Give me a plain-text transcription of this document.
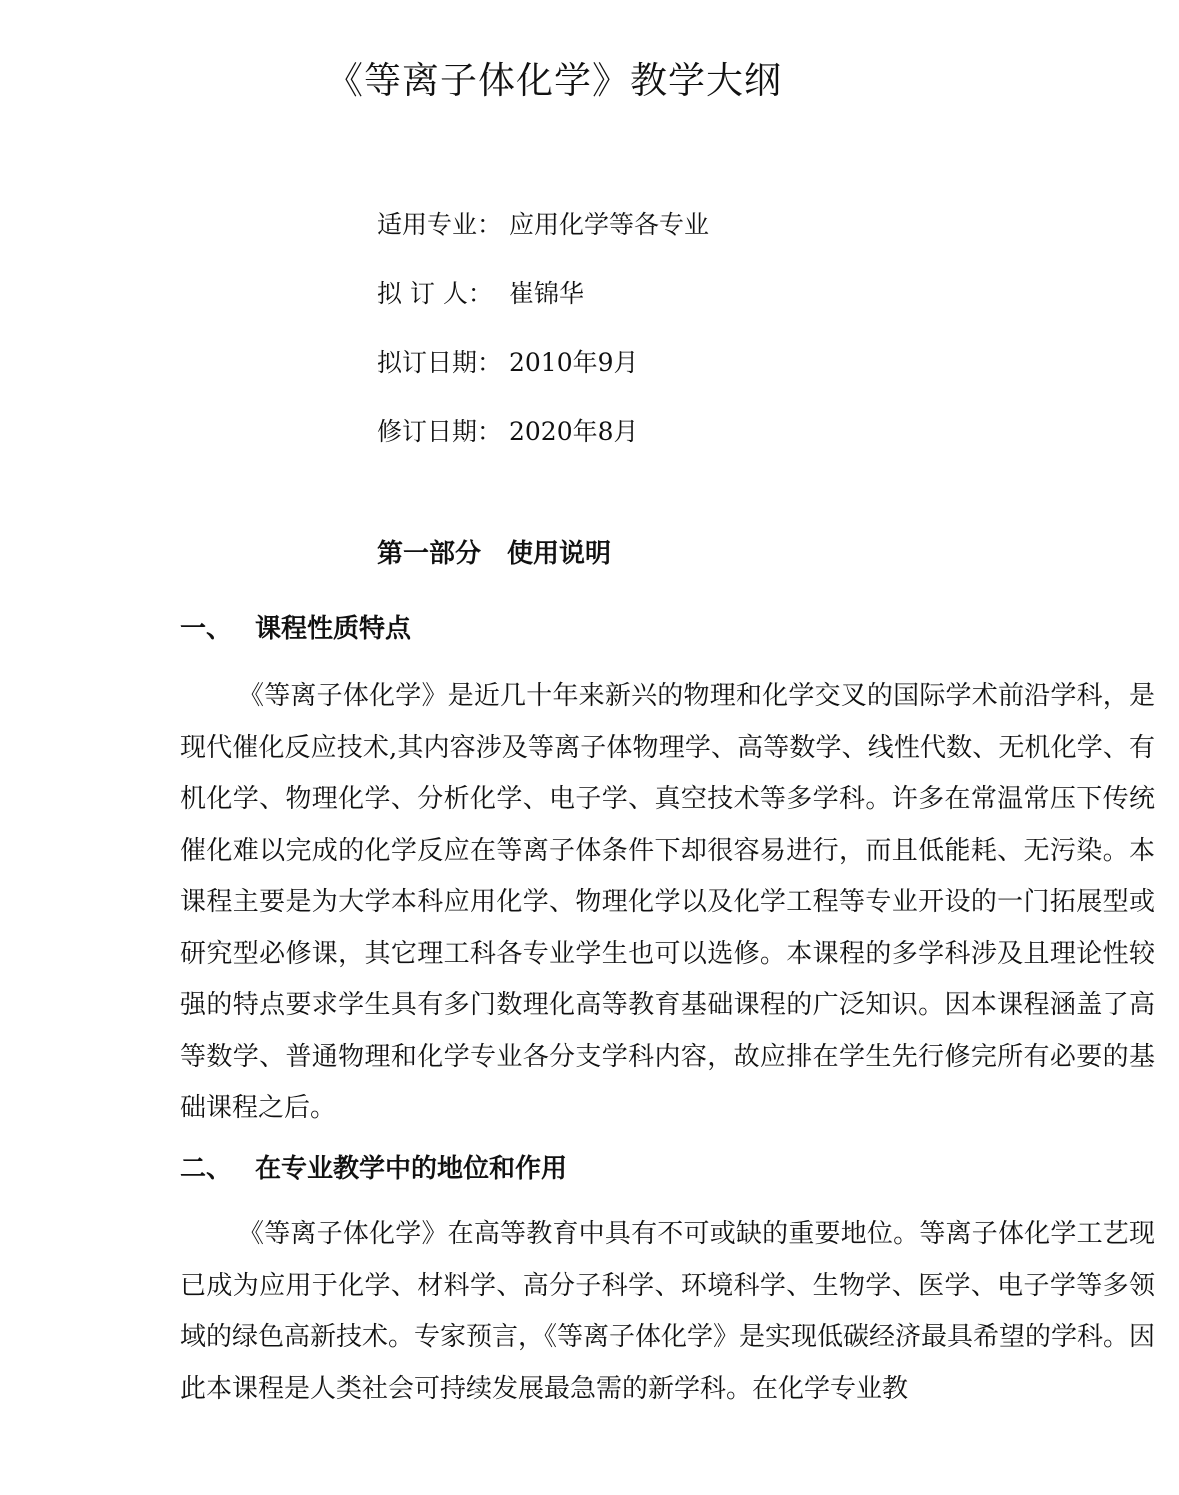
《等离子体化学》教学大纲
适用专业： 应用化学等各专业
拟 订 人： 崔锦华
拟订日期： 2010年9月
修订日期： 2020年8月
第一部分 使用说明
一、 课程性质特点

《等离子体化学》是近几十年来新兴的物理和化学交叉的国际学术前沿学科，是现代催化反应技术,其内容涉及等离子体物理学、高等数学、线性代数、无机化学、有机化学、物理化学、分析化学、电子学、真空技术等多学科。许多在常温常压下传统催化难以完成的化学反应在等离子体条件下却很容易进行，而且低能耗、无污染。本课程主要是为大学本科应用化学、物理化学以及化学工程等专业开设的一门拓展型或研究型必修课，其它理工科各专业学生也可以选修。本课程的多学科涉及且理论性较强的特点要求学生具有多门数理化高等教育基础课程的广泛知识。因本课程涵盖了高等数学、普通物理和化学专业各分支学科内容，故应排在学生先行修完所有必要的基础课程之后。

二、 在专业教学中的地位和作用

《等离子体化学》在高等教育中具有不可或缺的重要地位。等离子体化学工艺现已成为应用于化学、材料学、高分子科学、环境科学、生物学、医学、电子学等多领域的绿色高新技术。专家预言，《等离子体化学》是实现低碳经济最具希望的学科。因此本课程是人类社会可持续发展最急需的新学科。在化学专业教
